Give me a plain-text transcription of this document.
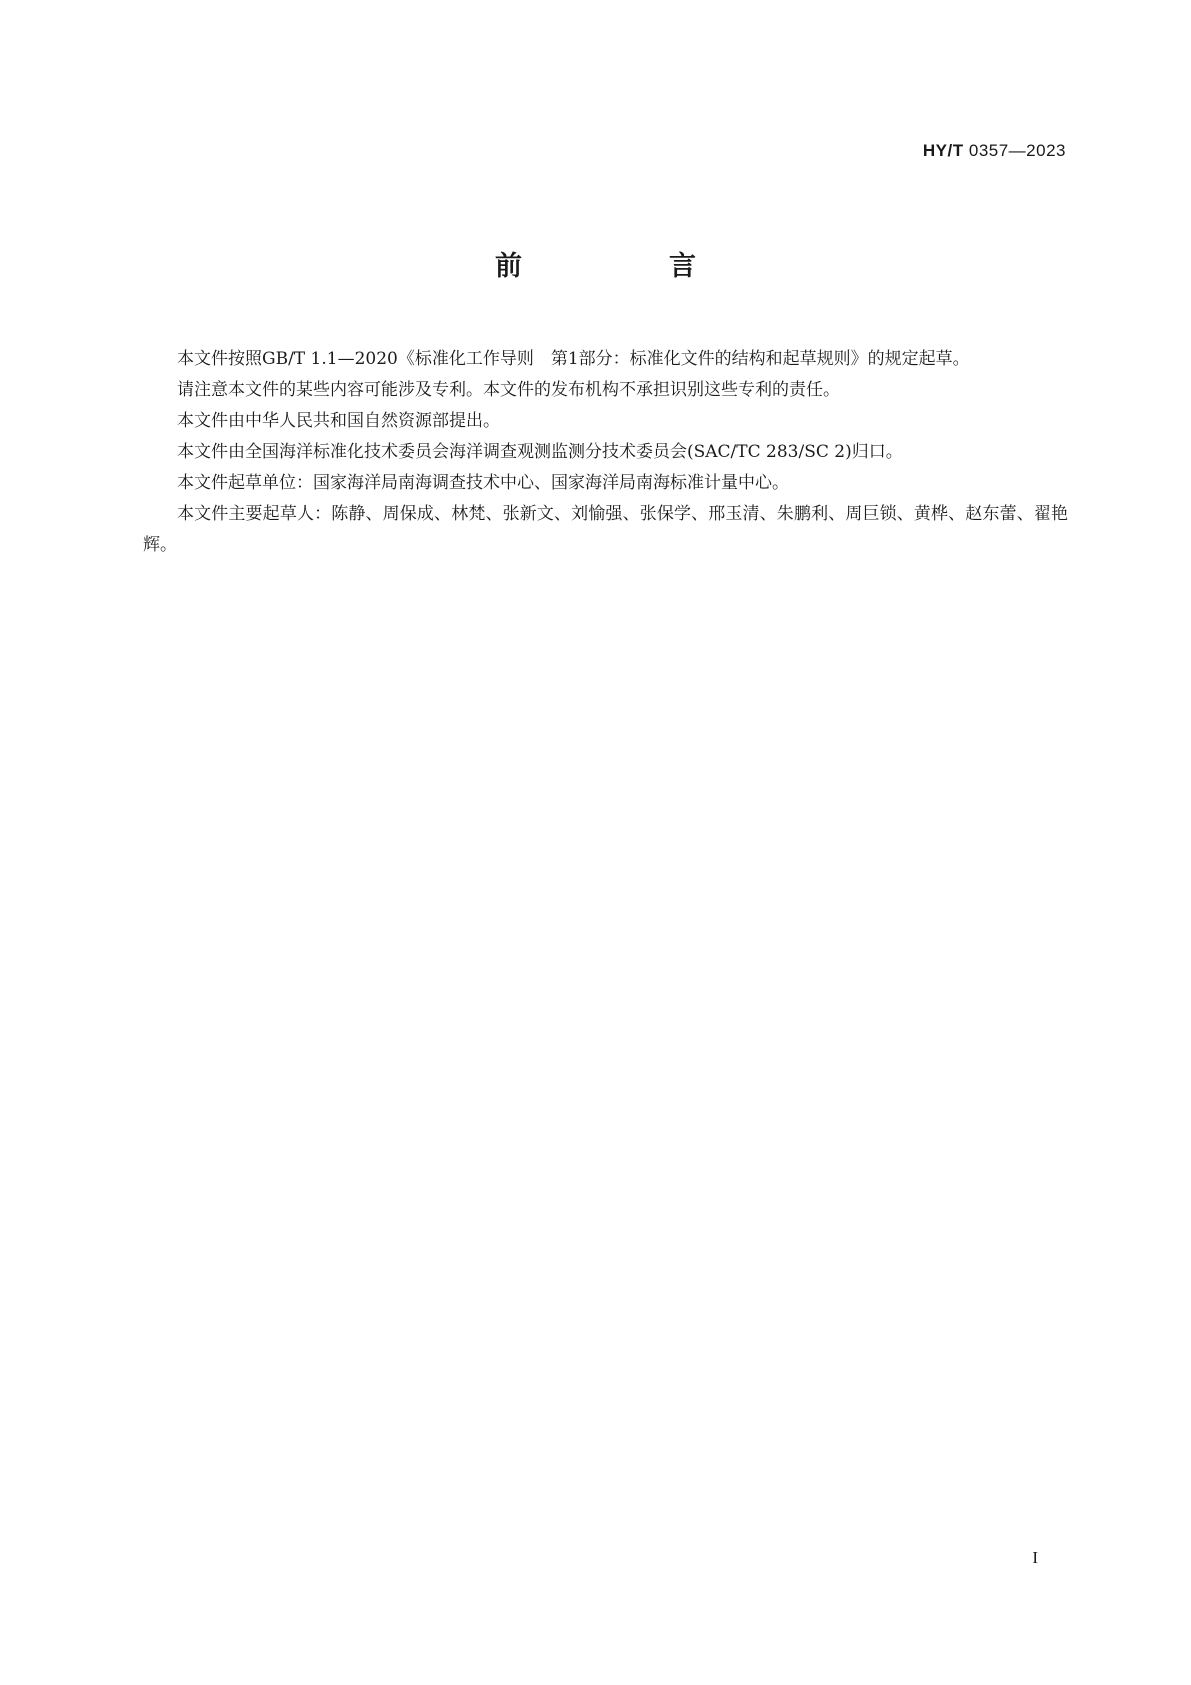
HY/T 0357—2023
前　言

本文件按照GB/T 1.1—2020《标准化工作导则　第1部分：标准化文件的结构和起草规则》的规定起草。

请注意本文件的某些内容可能涉及专利。本文件的发布机构不承担识别这些专利的责任。

本文件由中华人民共和国自然资源部提出。

本文件由全国海洋标准化技术委员会海洋调查观测监测分技术委员会(SAC/TC 283/SC 2)归口。

本文件起草单位：国家海洋局南海调查技术中心、国家海洋局南海标准计量中心。

本文件主要起草人：陈静、周保成、林梵、张新文、刘愉强、张保学、邢玉清、朱鹏利、周巨锁、黄桦、赵东蕾、翟艳辉。

I
